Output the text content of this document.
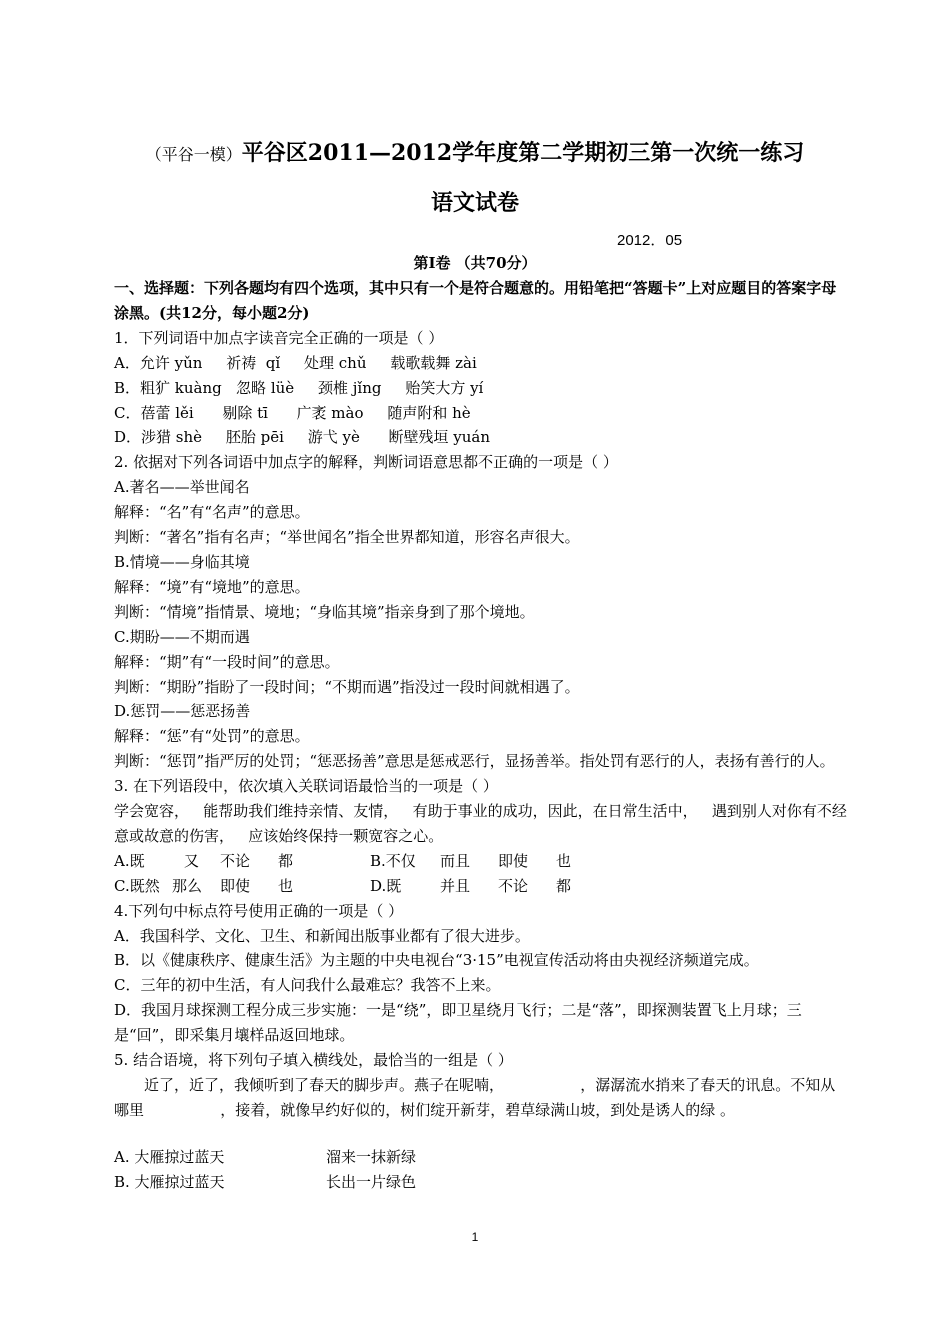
（平谷一模）平谷区2011—2012学年度第二学期初三第一次统一练习
语文试卷
2012．05
第Ⅰ卷 （共70分）
一、选择题：下列各题均有四个选项，其中只有一个是符合题意的。用铅笔把“答题卡”上对应题目的答案字母涂黑。(共12分，每小题2分)
1．下列词语中加点字读音完全正确的一项是（ ）
A．允许 yǔn     祈祷  qǐ     处理 chǔ     载歌载舞 zài
B．粗犷 kuàng   忽略 lüè     颈椎 jǐng     贻笑大方 yí
C．蓓蕾 lěi      剔除 tī      广袤 mào     随声附和 hè
D．涉猎 shè     胚胎 pēi     游弋 yè      断壁残垣 yuán
2. 依据对下列各词语中加点字的解释，判断词语意思都不正确的一项是（ ）
A.著名——举世闻名
解释：“名”有“名声”的意思。
判断：“著名”指有名声；“举世闻名”指全世界都知道，形容名声很大。
B.情境——身临其境
解释：“境”有“境地”的意思。
判断：“情境”指情景、境地；“身临其境”指亲身到了那个境地。
C.期盼——不期而遇
解释：“期”有“一段时间”的意思。
判断：“期盼”指盼了一段时间；“不期而遇”指没过一段时间就相遇了。
D.惩罚——惩恶扬善
解释：“惩”有“处罚”的意思。
判断：“惩罚”指严厉的处罚；“惩恶扬善”意思是惩戒恶行，显扬善举。指处罚有恶行的人，表扬有善行的人。
3. 在下列语段中，依次填入关联词语最恰当的一项是（ ）
学会宽容，   能帮助我们维持亲情、友情，   有助于事业的成功，因此，在日常生活中，   遇到别人对你有不经意或故意的伤害，   应该始终保持一颗宽容之心。
A.既	又 不论 都	B.不仅 而且 即使 也
C.既然 那么 即使 也	D.既	并且 不论 都
4.下列句中标点符号使用正确的一项是（ ）
A．我国科学、文化、卫生、和新闻出版事业都有了很大进步。
B．以《健康秩序、健康生活》为主题的中央电视台“3·15”电视宣传活动将由央视经济频道完成。
C．三年的初中生活，有人问我什么最难忘？我答不上来。
D．我国月球探测工程分成三步实施：一是“绕”，即卫星绕月飞行；二是“落”，即探测装置飞上月球；三是“回”，即采集月壤样品返回地球。
5. 结合语境，将下列句子填入横线处，最恰当的一组是（ ）
近了，近了，我倾听到了春天的脚步声。燕子在呢喃，                ，潺潺流水捎来了春天的讯息。不知从哪里                ，接着，就像早约好似的，树们绽开新芽，碧草绿满山坡，到处是诱人的绿 。
A. 大雁掠过蓝天	溜来一抹新绿
B. 大雁掠过蓝天	长出一片绿色
1
